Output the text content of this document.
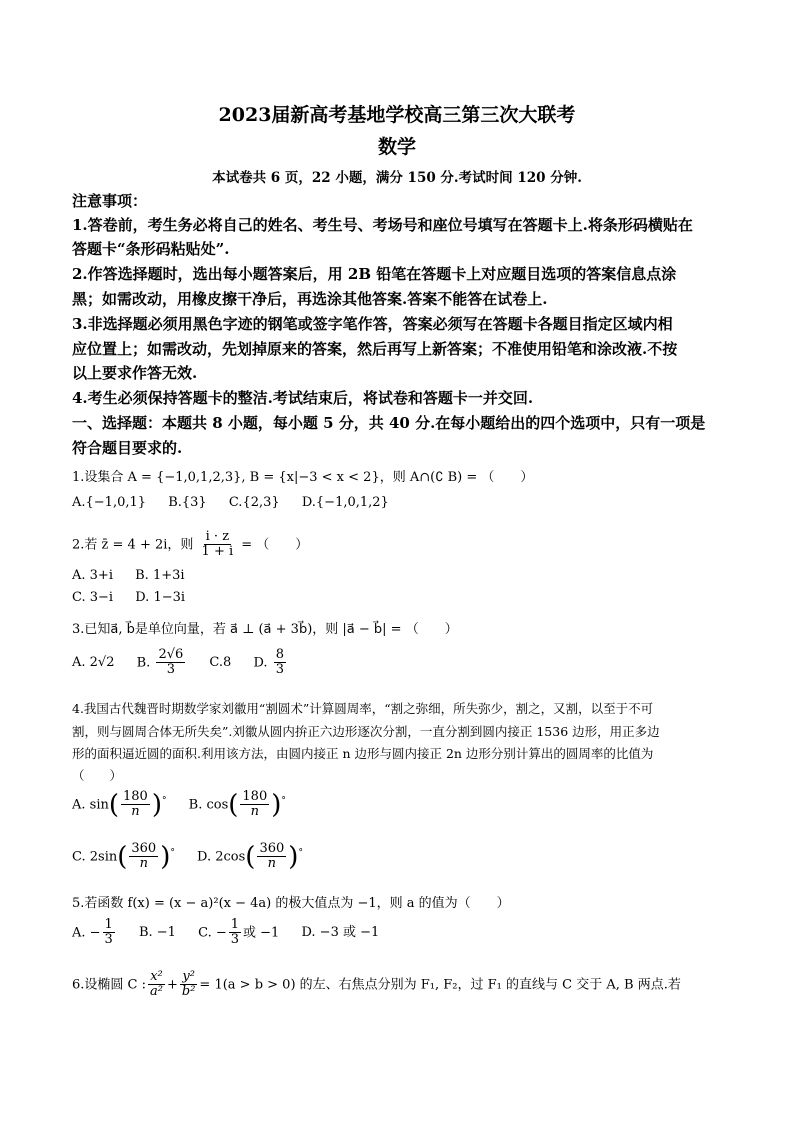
2023届新高考基地学校高三第三次大联考
数学
本试卷共 6 页，22 小题，满分 150 分.考试时间 120 分钟.
注意事项：
1.答卷前，考生务必将自己的姓名、考生号、考场号和座位号填写在答题卡上.将条形码横贴在
答题卡“条形码粘贴处”.
2.作答选择题时，选出每小题答案后，用 2B 铅笔在答题卡上对应题目选项的答案信息点涂
黑；如需改动，用橡皮擦干净后，再选涂其他答案.答案不能答在试卷上.
3.非选择题必须用黑色字迹的钢笔或签字笔作答，答案必须写在答题卡各题目指定区域内相
应位置上；如需改动，先划掉原来的答案，然后再写上新答案；不准使用铅笔和涂改液.不按
以上要求作答无效.
4.考生必须保持答题卡的整洁.考试结束后，将试卷和答题卡一并交回.
一、选择题：本题共 8 小题，每小题 5 分，共 40 分.在每小题给出的四个选项中，只有一项是
符合题目要求的.
1.设集合 A = {−1,0,1,2,3}, B = {x|−3 < x < 2}，则 A∩(∁ B) = （　　）
A.{−1,0,1} B.{3} C.{2,3} D.{−1,0,1,2}
2.若 z̄ = 4 + 2i，则 $\frac{i \cdot z}{1 + i}$ = （　　）
A. 3+i B. 1+3i
C. 3−i D. 1−3i
3.已知a⃗, b⃗是单位向量，若 a⃗ ⊥ (a⃗ + 3b⃗)，则 |a⃗ − b⃗| = （　　）
A. 2√2 B. $\frac{2√6}{3} C.8$ D. $\frac{8}{3}$
4.我国古代魏晋时期数学家刘徽用“割圆术”计算圆周率，“割之弥细，所失弥少，割之，又割，以至于不可
割，则与圆周合体无所失矣”.刘徽从圆内拚正六边形逐次分割，一直分割到圆内接正 1536 边形，用正多边
形的面积逼近圆的面积.利用该方法，由圆内接正 n 边形与圆内接正 2n 边形分别计算出的圆周率的比值为
（　　）
A. $\sin( \frac{180}{n} )^\circ$ B. $\cos( \frac{180}{n} )^\circ$
C. $2\sin( \frac{360}{n} )^\circ$ D. $2\cos( \frac{360}{n} )^\circ$
5.若函数 f(x) = (x − a)²(x − 4a) 的极大值点为 −1，则 a 的值为（　　）
A. − $\frac{1}{3} B$. −1 C. − $\frac{1}{3}$ 或 −1 D. −3 或 −1
6.设椭圆 C : $\frac{\text{x²}}{\text{a²}} + \frac{\text{y²}}{\text{b²}} = 1(a > b > 0)$ 的左、右焦点分别为 F₁, F₂，过 F₁ 的直线与 C 交于 A, B 两点.若
